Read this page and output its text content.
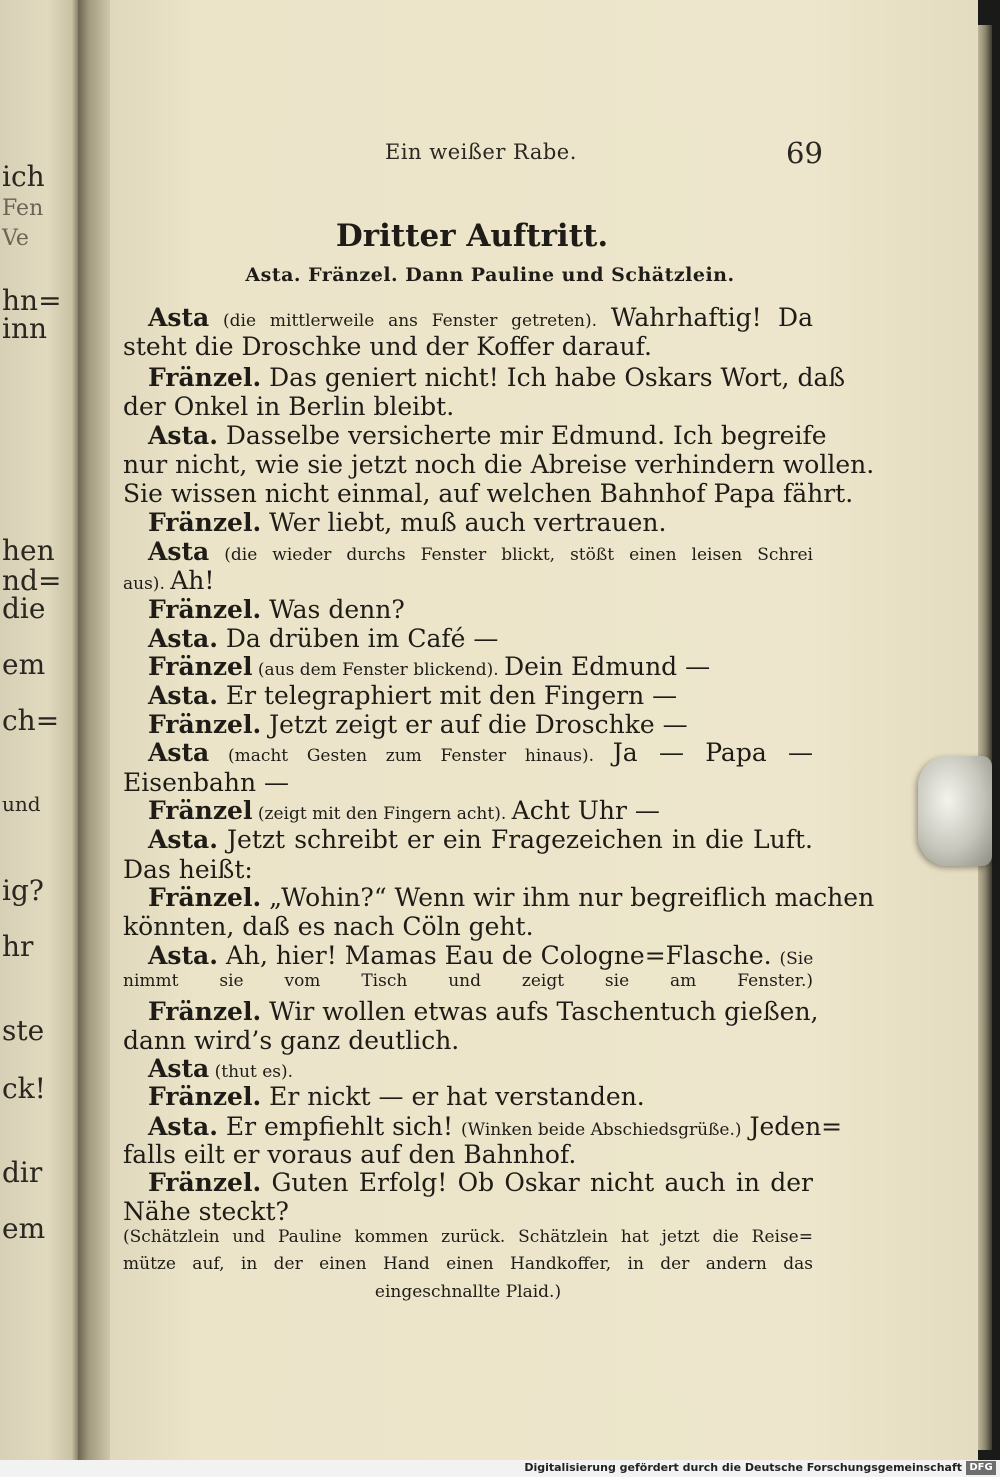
ich
Fen
Ve
hn=
inn
hen
nd=
die
em
ch=
und
ig?
hr
ste
ck!
dir
em
Ein weißer Rabe.	69
Dritter Auftritt.
Asta. Fränzel. Dann Pauline und Schätzlein.
Asta (die mittlerweile ans Fenster getreten). Wahrhaftig! Da
steht die Droschke und der Koffer darauf.
Fränzel. Das geniert nicht! Ich habe Oskars Wort, daß
der Onkel in Berlin bleibt.
Asta. Dasselbe versicherte mir Edmund. Ich begreife
nur nicht, wie sie jetzt noch die Abreise verhindern wollen.
Sie wissen nicht einmal, auf welchen Bahnhof Papa fährt.
Fränzel. Wer liebt, muß auch vertrauen.
Asta (die wieder durchs Fenster blickt, stößt einen leisen Schrei
aus). Ah!
Fränzel. Was denn?
Asta. Da drüben im Café —
Fränzel (aus dem Fenster blickend). Dein Edmund —
Asta. Er telegraphiert mit den Fingern —
Fränzel. Jetzt zeigt er auf die Droschke —
Asta (macht Gesten zum Fenster hinaus). Ja — Papa —
Eisenbahn —
Fränzel (zeigt mit den Fingern acht). Acht Uhr —
Asta. Jetzt schreibt er ein Fragezeichen in die Luft.
Das heißt:
Fränzel. „Wohin?“ Wenn wir ihm nur begreiflich machen
könnten, daß es nach Cöln geht.
Asta. Ah, hier! Mamas Eau de Cologne=Flasche. (Sie
nimmt sie vom Tisch und zeigt sie am Fenster.)
Fränzel. Wir wollen etwas aufs Taschentuch gießen,
dann wird’s ganz deutlich.
Asta (thut es).
Fränzel. Er nickt — er hat verstanden.
Asta. Er empfiehlt sich! (Winken beide Abschiedsgrüße.) Jeden=
falls eilt er voraus auf den Bahnhof.
Fränzel. Guten Erfolg! Ob Oskar nicht auch in der
Nähe steckt?
(Schätzlein und Pauline kommen zurück. Schätzlein hat jetzt die Reise=
mütze auf, in der einen Hand einen Handkoffer, in der andern das
eingeschnallte Plaid.)
Digitalisierung gefördert durch die Deutsche Forschungsgemeinschaft DFG
